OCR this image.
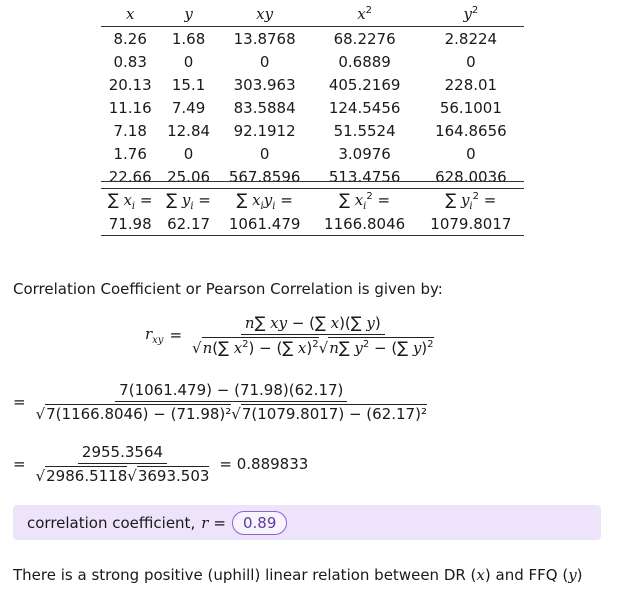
x	y	xy	$x^2$	$y^2$
8.26	1.68	13.8768	68.2276	2.8224
0.83	0	0	0.6889	0
20.13	15.1	303.963	405.2169	228.01
11.16	7.49	83.5884	124.5456	56.1001
7.18	12.84	92.1912	51.5524	164.8656
1.76	0	0	3.0976	0
22.66	25.06	567.8596	513.4756	628.0036
∑ $x_i$ =	∑ $y_i$ =	∑ $x_iy_i$ =	∑ $x_i^2$ =	∑ $y_i^2$ =
71.98	62.17	1061.479	1166.8046	1079.8017
Correlation Coefficient or Pearson Correlation is given by:
$r_{xy} = \frac{n\sum xy - (\sum x)(\sum y)}{√n(\sum x^2) - (\sum x)^2√n\sum y^2 - (\sum y)^2}$
= $\frac{7(1061.479) - (71.98)(62.17)}{\text{√7(1166.8046) − (71.98)²√7(1079.8017) − (62.17)²}}$
= $\frac{2955.3564}{√2986.5118√3693.503} = 0.889833$
correlation coefficient, r =	0.89
There is a strong positive (uphill) linear relation between DR (x) and FFQ (y)
